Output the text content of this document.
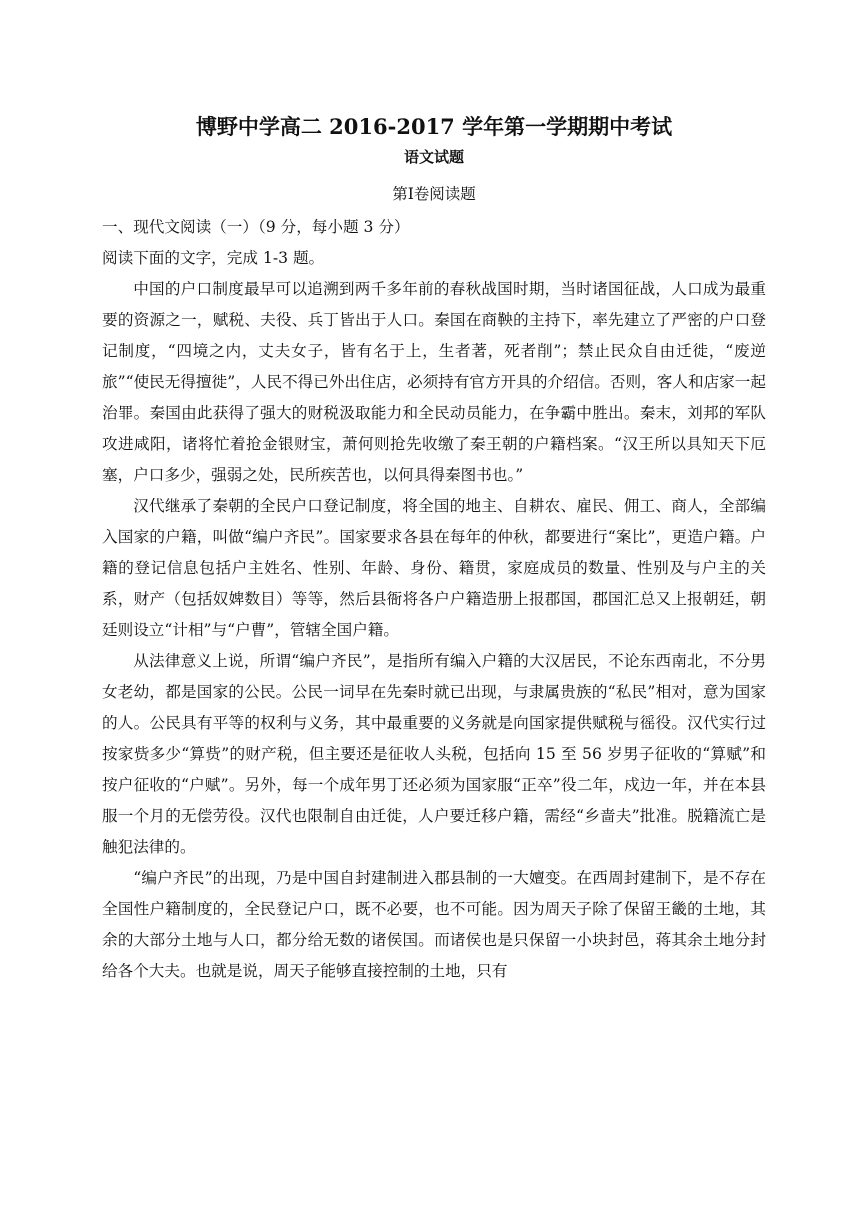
博野中学高二 2016-2017 学年第一学期期中考试
语文试题
第Ⅰ卷阅读题

一、现代文阅读（一）（9 分，每小题 3 分）

阅读下面的文字，完成 1-3 题。

中国的户口制度最早可以追溯到两千多年前的春秋战国时期，当时诸国征战，人口成为最重要的资源之一，赋税、夫役、兵丁皆出于人口。秦国在商鞅的主持下，率先建立了严密的户口登记制度，“四境之内，丈夫女子，皆有名于上，生者著，死者削”；禁止民众自由迁徙，“废逆旅”“使民无得擅徙”，人民不得已外出住店，必须持有官方开具的介绍信。否则，客人和店家一起治罪。秦国由此获得了强大的财税汲取能力和全民动员能力，在争霸中胜出。秦末，刘邦的军队攻进咸阳，诸将忙着抢金银财宝，萧何则抢先收缴了秦王朝的户籍档案。“汉王所以具知天下厄塞，户口多少，强弱之处，民所疾苦也，以何具得秦图书也。”

汉代继承了秦朝的全民户口登记制度，将全国的地主、自耕农、雇民、佣工、商人，全部编入国家的户籍，叫做“编户齐民”。国家要求各县在每年的仲秋，都要进行“案比”，更造户籍。户籍的登记信息包括户主姓名、性别、年龄、身份、籍贯，家庭成员的数量、性别及与户主的关系，财产（包括奴婢数目）等等，然后县衙将各户户籍造册上报郡国，郡国汇总又上报朝廷，朝廷则设立“计相”与“户曹”，管辖全国户籍。

从法律意义上说，所谓“编户齐民”，是指所有编入户籍的大汉居民，不论东西南北，不分男女老幼，都是国家的公民。公民一词早在先秦时就已出现，与隶属贵族的“私民”相对，意为国家的人。公民具有平等的权利与义务，其中最重要的义务就是向国家提供赋税与徭役。汉代实行过按家赀多少“算赀”的财产税，但主要还是征收人头税，包括向 15 至 56 岁男子征收的“算赋”和按户征收的“户赋”。另外，每一个成年男丁还必须为国家服“正卒”役二年，戍边一年，并在本县服一个月的无偿劳役。汉代也限制自由迁徙，人户要迁移户籍，需经“乡啬夫”批准。脱籍流亡是触犯法律的。

“编户齐民”的出现，乃是中国自封建制进入郡县制的一大嬗变。在西周封建制下，是不存在全国性户籍制度的，全民登记户口，既不必要，也不可能。因为周天子除了保留王畿的土地，其余的大部分土地与人口，都分给无数的诸侯国。而诸侯也是只保留一小块封邑，蒋其余土地分封给各个大夫。也就是说，周天子能够直接控制的土地，只有
